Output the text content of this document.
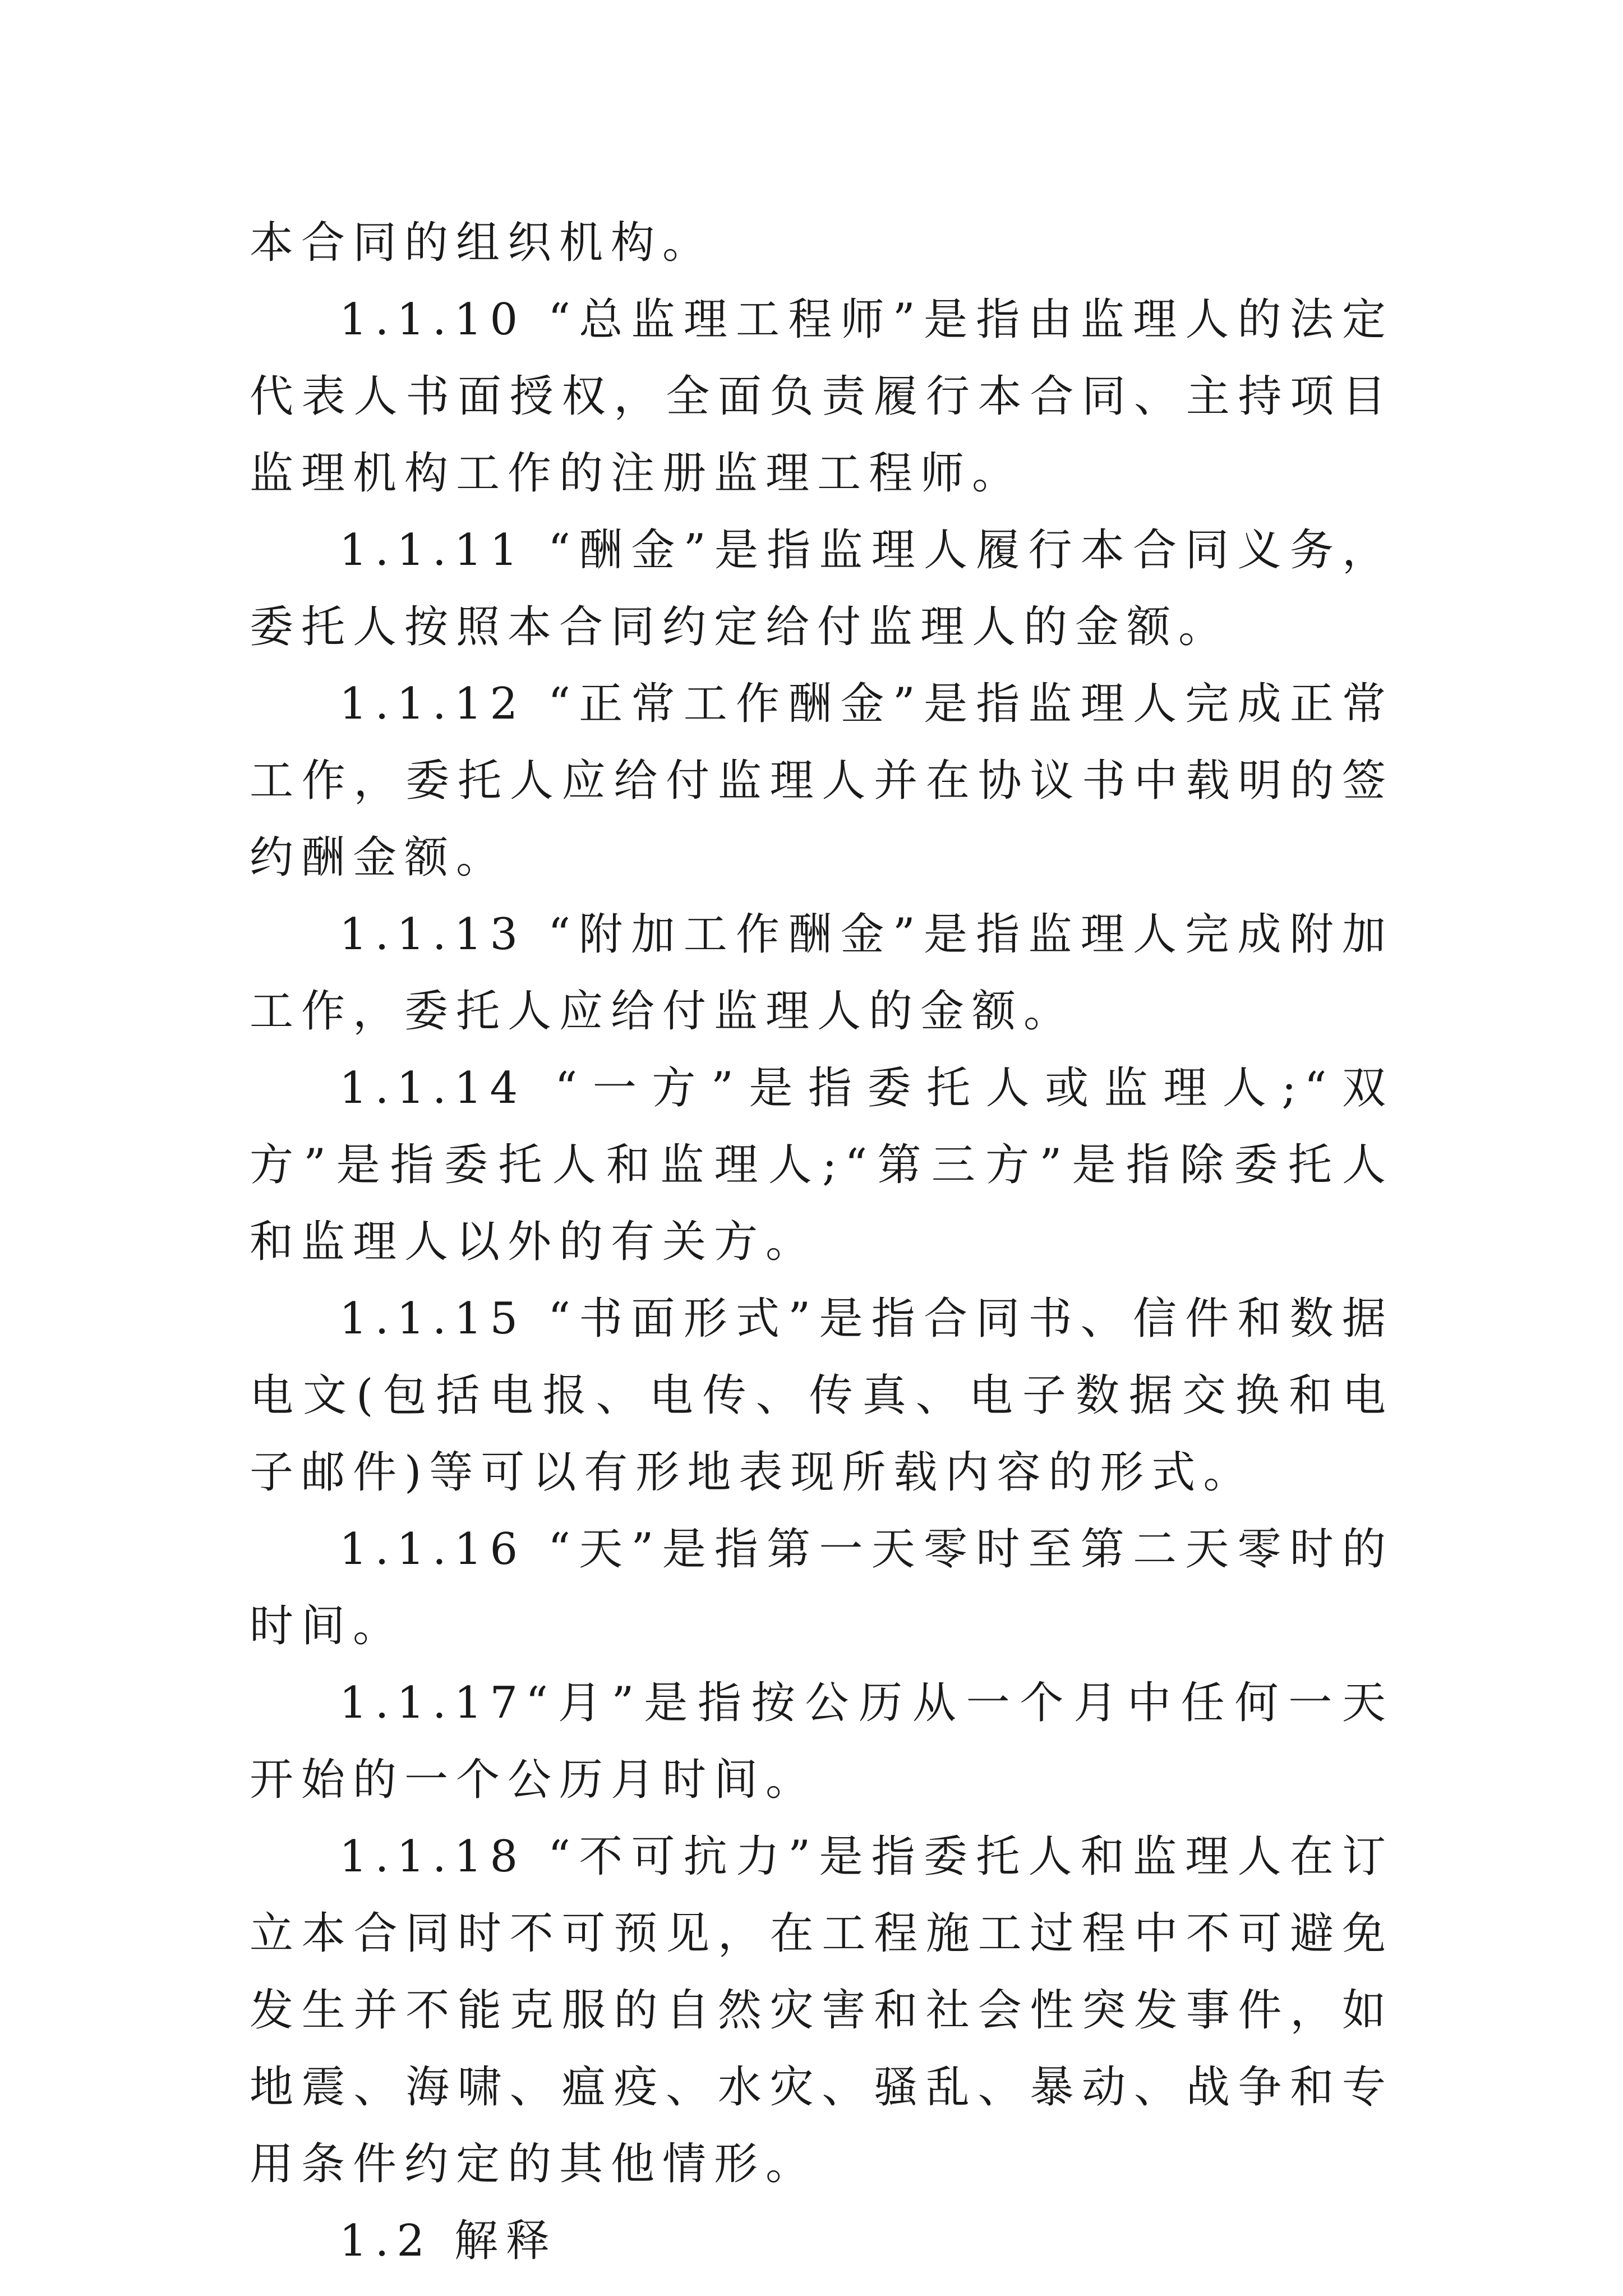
本合同的组织机构。

1.1.10 “总监理工程师”是指由监理人的法定代表人书面授权，全面负责履行本合同、主持项目监理机构工作的注册监理工程师。

1.1.11 “酬金”是指监理人履行本合同义务，委托人按照本合同约定给付监理人的金额。

1.1.12 “正常工作酬金”是指监理人完成正常工作，委托人应给付监理人并在协议书中载明的签约酬金额。

1.1.13 “附加工作酬金”是指监理人完成附加工作，委托人应给付监理人的金额。

1.1.14 “一方”是指委托人或监理人;“双方”是指委托人和监理人;“第三方”是指除委托人和监理人以外的有关方。

1.1.15 “书面形式”是指合同书、信件和数据电文(包括电报、电传、传真、电子数据交换和电子邮件)等可以有形地表现所载内容的形式。

1.1.16 “天”是指第一天零时至第二天零时的时间。

1.1.17“月”是指按公历从一个月中任何一天开始的一个公历月时间。

1.1.18 “不可抗力”是指委托人和监理人在订立本合同时不可预见，在工程施工过程中不可避免发生并不能克服的自然灾害和社会性突发事件，如地震、海啸、瘟疫、水灾、骚乱、暴动、战争和专用条件约定的其他情形。

1.2 解释
